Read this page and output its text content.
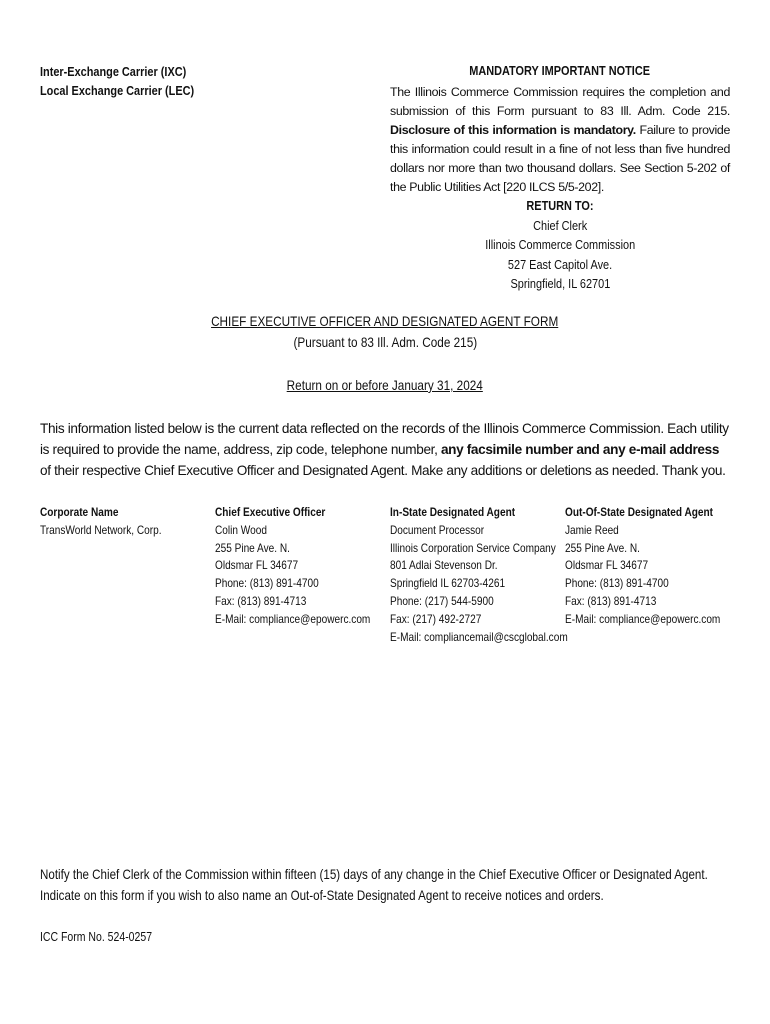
Inter-Exchange Carrier (IXC)
Local Exchange Carrier (LEC)
MANDATORY IMPORTANT NOTICE
The Illinois Commerce Commission requires the completion and submission of this Form pursuant to 83 Ill. Adm. Code 215. Disclosure of this information is mandatory. Failure to provide this information could result in a fine of not less than five hundred dollars nor more than two thousand dollars. See Section 5-202 of the Public Utilities Act [220 ILCS 5/5-202].
RETURN TO:
Chief Clerk
Illinois Commerce Commission
527 East Capitol Ave.
Springfield, IL 62701
CHIEF EXECUTIVE OFFICER AND DESIGNATED AGENT FORM
(Pursuant to 83 Ill. Adm. Code 215)
Return on or before January 31, 2024
This information listed below is the current data reflected on the records of the Illinois Commerce Commission. Each utility is required to provide the name, address, zip code, telephone number, any facsimile number and any e-mail address of their respective Chief Executive Officer and Designated Agent. Make any additions or deletions as needed. Thank you.
Corporate Name
TransWorld Network, Corp.
Chief Executive Officer
Colin Wood
255 Pine Ave. N.
Oldsmar FL 34677
Phone: (813) 891-4700
Fax: (813) 891-4713
E-Mail: compliance@epowerc.com
In-State Designated Agent
Document Processor
Illinois Corporation Service Company
801 Adlai Stevenson Dr.
Springfield IL 62703-4261
Phone: (217) 544-5900
Fax: (217) 492-2727
E-Mail: compliancemail@cscglobal.com
Out-Of-State Designated Agent
Jamie Reed
255 Pine Ave. N.
Oldsmar FL 34677
Phone: (813) 891-4700
Fax: (813) 891-4713
E-Mail: compliance@epowerc.com
Notify the Chief Clerk of the Commission within fifteen (15) days of any change in the Chief Executive Officer or Designated Agent.
Indicate on this form if you wish to also name an Out-of-State Designated Agent to receive notices and orders.
ICC Form No. 524-0257
